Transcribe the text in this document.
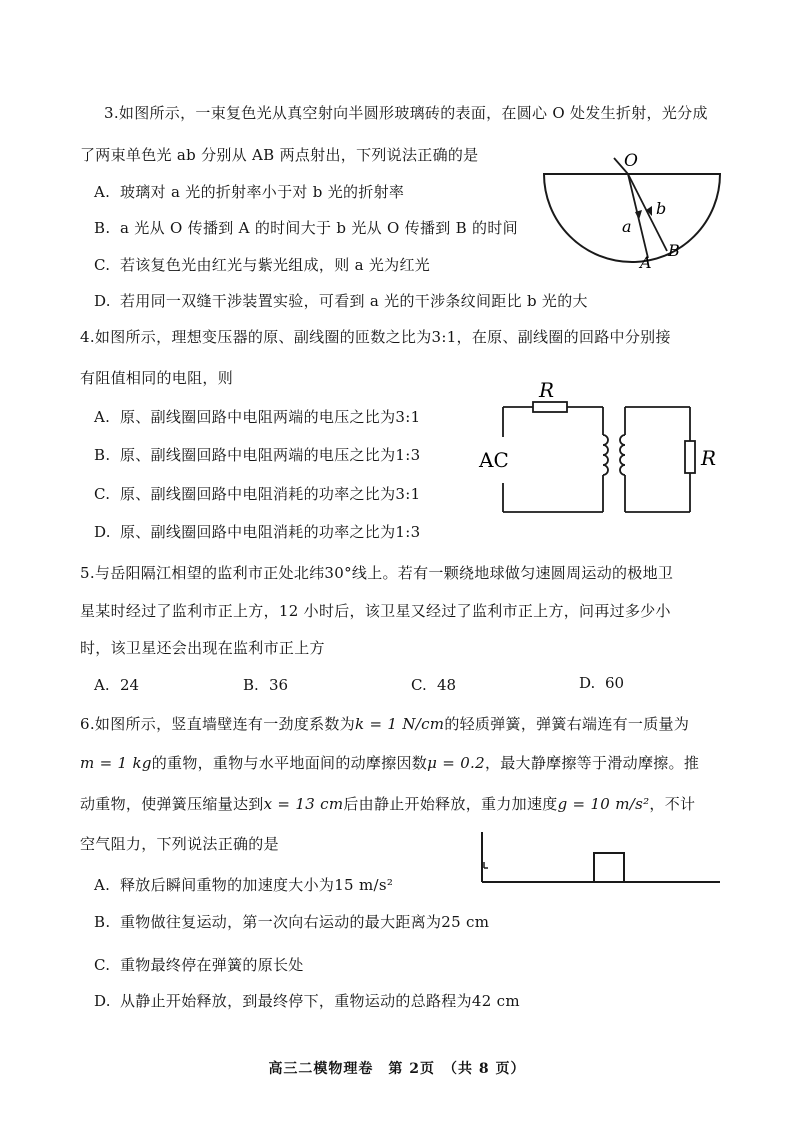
3.如图所示，一束复色光从真空射向半圆形玻璃砖的表面，在圆心 O 处发生折射，光分成
了两束单色光 ab 分别从 AB 两点射出，下列说法正确的是
A. 玻璃对 a 光的折射率小于对 b 光的折射率
B. a 光从 O 传播到 A 的时间大于 b 光从 O 传播到 B 的时间
C. 若该复色光由红光与紫光组成，则 a 光为红光
D. 若用同一双缝干涉装置实验，可看到 a 光的干涉条纹间距比 b 光的大
O
a
b
A
B
4.如图所示，理想变压器的原、副线圈的匝数之比为3:1，在原、副线圈的回路中分别接
有阻值相同的电阻，则
A. 原、副线圈回路中电阻两端的电压之比为3:1
B. 原、副线圈回路中电阻两端的电压之比为1:3
C. 原、副线圈回路中电阻消耗的功率之比为3:1
D. 原、副线圈回路中电阻消耗的功率之比为1:3
R
R
AC
5.与岳阳隔江相望的监利市正处北纬30°线上。若有一颗绕地球做匀速圆周运动的极地卫
星某时经过了监利市正上方，12 小时后，该卫星又经过了监利市正上方，问再过多少小
时，该卫星还会出现在监利市正上方
A. 24	B. 36	C. 48	D. 60
6.如图所示，竖直墙壁连有一劲度系数为k = 1 N/cm的轻质弹簧，弹簧右端连有一质量为
m = 1 kg的重物，重物与水平地面间的动摩擦因数μ = 0.2，最大静摩擦等于滑动摩擦。推
动重物，使弹簧压缩量达到x = 13 cm后由静止开始释放，重力加速度g = 10 m/s²，不计
空气阻力，下列说法正确的是
A. 释放后瞬间重物的加速度大小为15 m/s²
B. 重物做往复运动，第一次向右运动的最大距离为25 cm
C. 重物最终停在弹簧的原长处
D. 从静止开始释放，到最终停下，重物运动的总路程为42 cm
高三二模物理卷　第 2页　（共 8 页）
